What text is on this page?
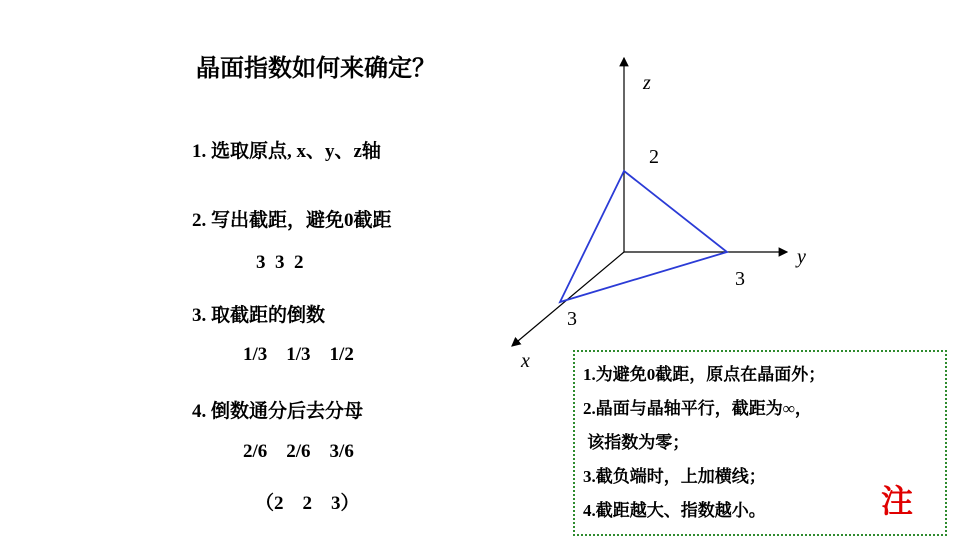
晶面指数如何来确定？
1. 选取原点, x、y、z轴
2. 写出截距，避免0截距
3  3  2
3. 取截距的倒数
1/3    1/3    1/2
4. 倒数通分后去分母
2/6    2/6    3/6
（2    2    3）
z
y
x
2
3
3
1.为避免0截距，原点在晶面外；
2.晶面与晶轴平行，截距为∞，
该指数为零；
3.截负端时，上加横线；
4.截距越大、指数越小。	注
